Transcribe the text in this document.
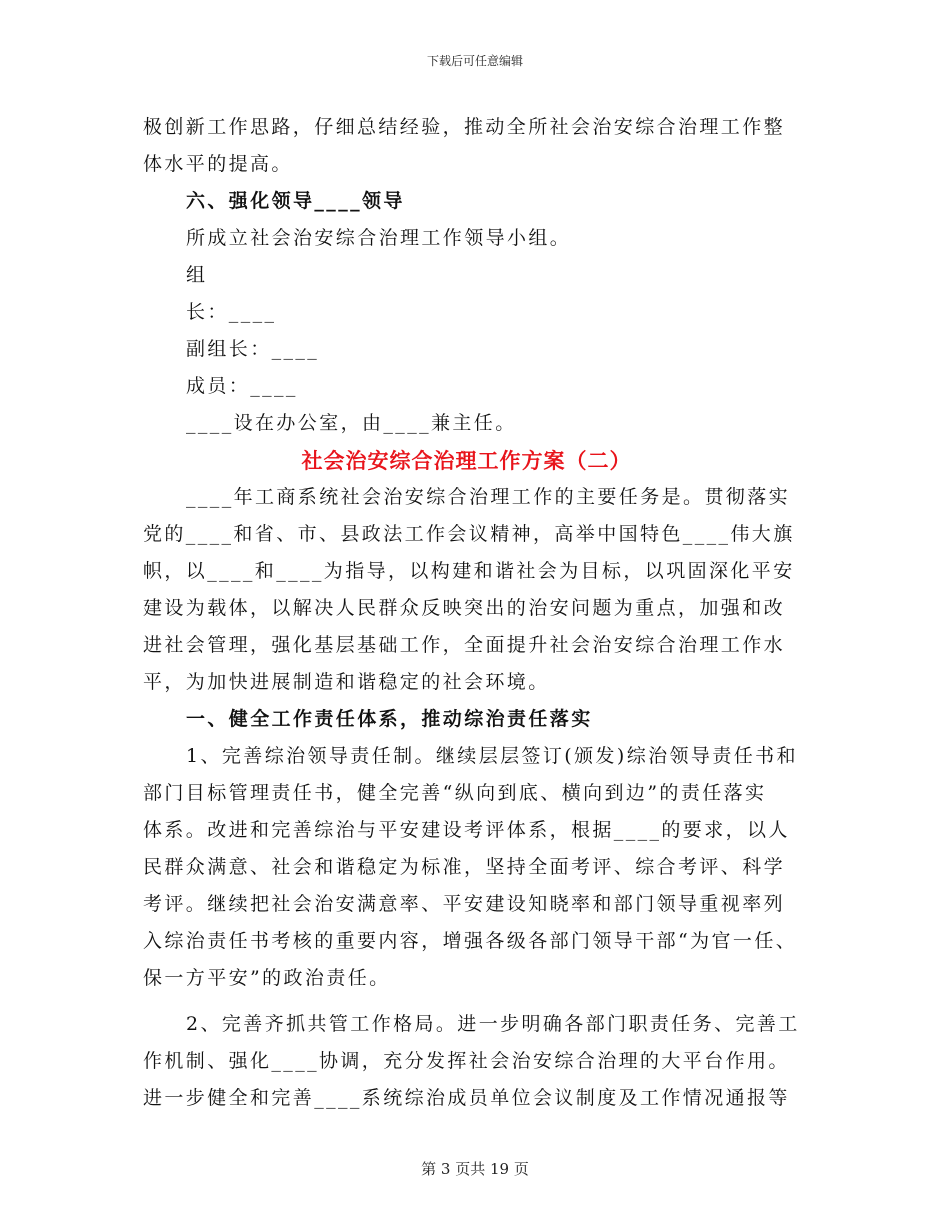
下载后可任意编辑
极创新工作思路，仔细总结经验，推动全所社会治安综合治理工作整
体水平的提高。
六、强化领导____领导
所成立社会治安综合治理工作领导小组。
组
长：____
副组长：____
成员：____
____设在办公室，由____兼主任。
社会治安综合治理工作方案（二）
____年工商系统社会治安综合治理工作的主要任务是。贯彻落实
党的____和省、市、县政法工作会议精神，高举中国特色____伟大旗
帜，以____和____为指导，以构建和谐社会为目标，以巩固深化平安
建设为载体，以解决人民群众反映突出的治安问题为重点，加强和改
进社会管理，强化基层基础工作，全面提升社会治安综合治理工作水
平，为加快进展制造和谐稳定的社会环境。
一、健全工作责任体系，推动综治责任落实
1、完善综治领导责任制。继续层层签订(颁发)综治领导责任书和
部门目标管理责任书，健全完善“纵向到底、横向到边”的责任落实
体系。改进和完善综治与平安建设考评体系，根据____的要求，以人
民群众满意、社会和谐稳定为标准，坚持全面考评、综合考评、科学
考评。继续把社会治安满意率、平安建设知晓率和部门领导重视率列
入综治责任书考核的重要内容，增强各级各部门领导干部“为官一任、
保一方平安”的政治责任。
2、完善齐抓共管工作格局。进一步明确各部门职责任务、完善工
作机制、强化____协调，充分发挥社会治安综合治理的大平台作用。
进一步健全和完善____系统综治成员单位会议制度及工作情况通报等
第 3 页共 19 页
